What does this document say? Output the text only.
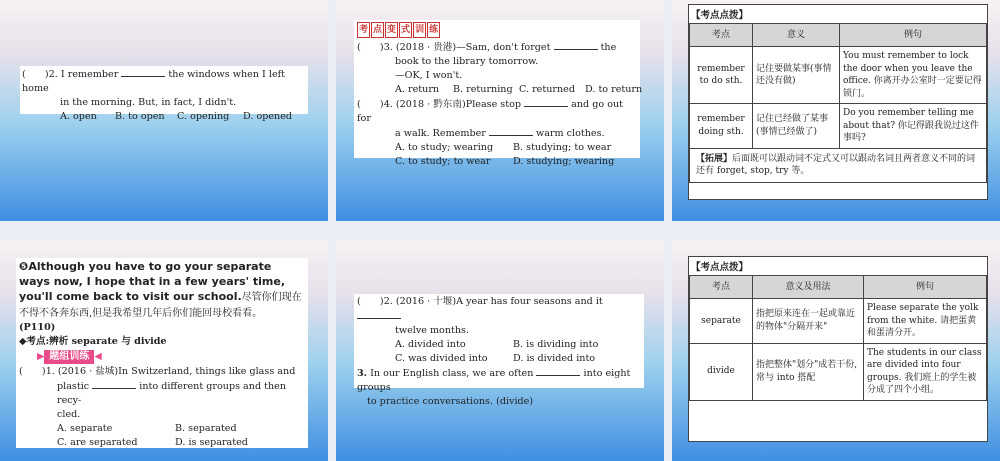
(　　)2. I remember	the windows when I left home

in the morning. But, in fact, I didn't.

A. open	B. to open	C. opening	D. opened
考 点 变 式 训 练

(　　)3. (2018 · 贵港)—Sam, don't forget	the

book to the library tomorrow.

—OK, I won't.

A. return	B. returning C. returned	D. to return

(　　)4. (2018 · 黔东南)Please stop	and go out for

a walk. Remember	warm clothes.

A. to study; wearing	B. studying; to wear
C. to study; to wear	D. studying; wearing
【考点点拨】
考点	意义	例句
remember to do sth.	记住要做某事(事情还没有做)	You must remember to lock the door when you leave the office. 你离开办公室时一定要记得锁门。
remember doing sth.	记住已经做了某事(事情已经做了)	Do you remember telling me about that? 你记得跟我说过这件事吗?
【拓展】后面既可以跟动词不定式又可以跟动名词且两者意义不同的词还有 forget, stop, try 等。		

❺Although you have to go your separate ways now, I hope that in a few years' time, you'll come back to visit our school.尽管你们现在不得不各奔东西,但是我希望几年后你们能回母校看看。

(P110)

◆考点:辨析 separate 与 divide

▶ 题组训练 ◀

(　　)1. (2016 · 盐城)In Switzerland, things like glass and

plastic	into different groups and then recy-

cled.

A. separate	B. separated
C. are separated	D. is separated

(　　)2. (2016 · 十堰)A year has four seasons and it

twelve months.

A. divided into	B. is dividing into
C. was divided into	D. is divided into

3. In our English class, we are often	into eight groups

to practice conversations. (divide)

【考点点拨】
考点	意义及用法	例句
separate	指把原来连在一起或靠近的物体"分隔开来"	Please separate the yolk from the white. 请把蛋黄和蛋清分开。
divide	指把整体"划分"成若干份,常与 into 搭配	The students in our class are divided into four groups. 我们班上的学生被分成了四个小组。
